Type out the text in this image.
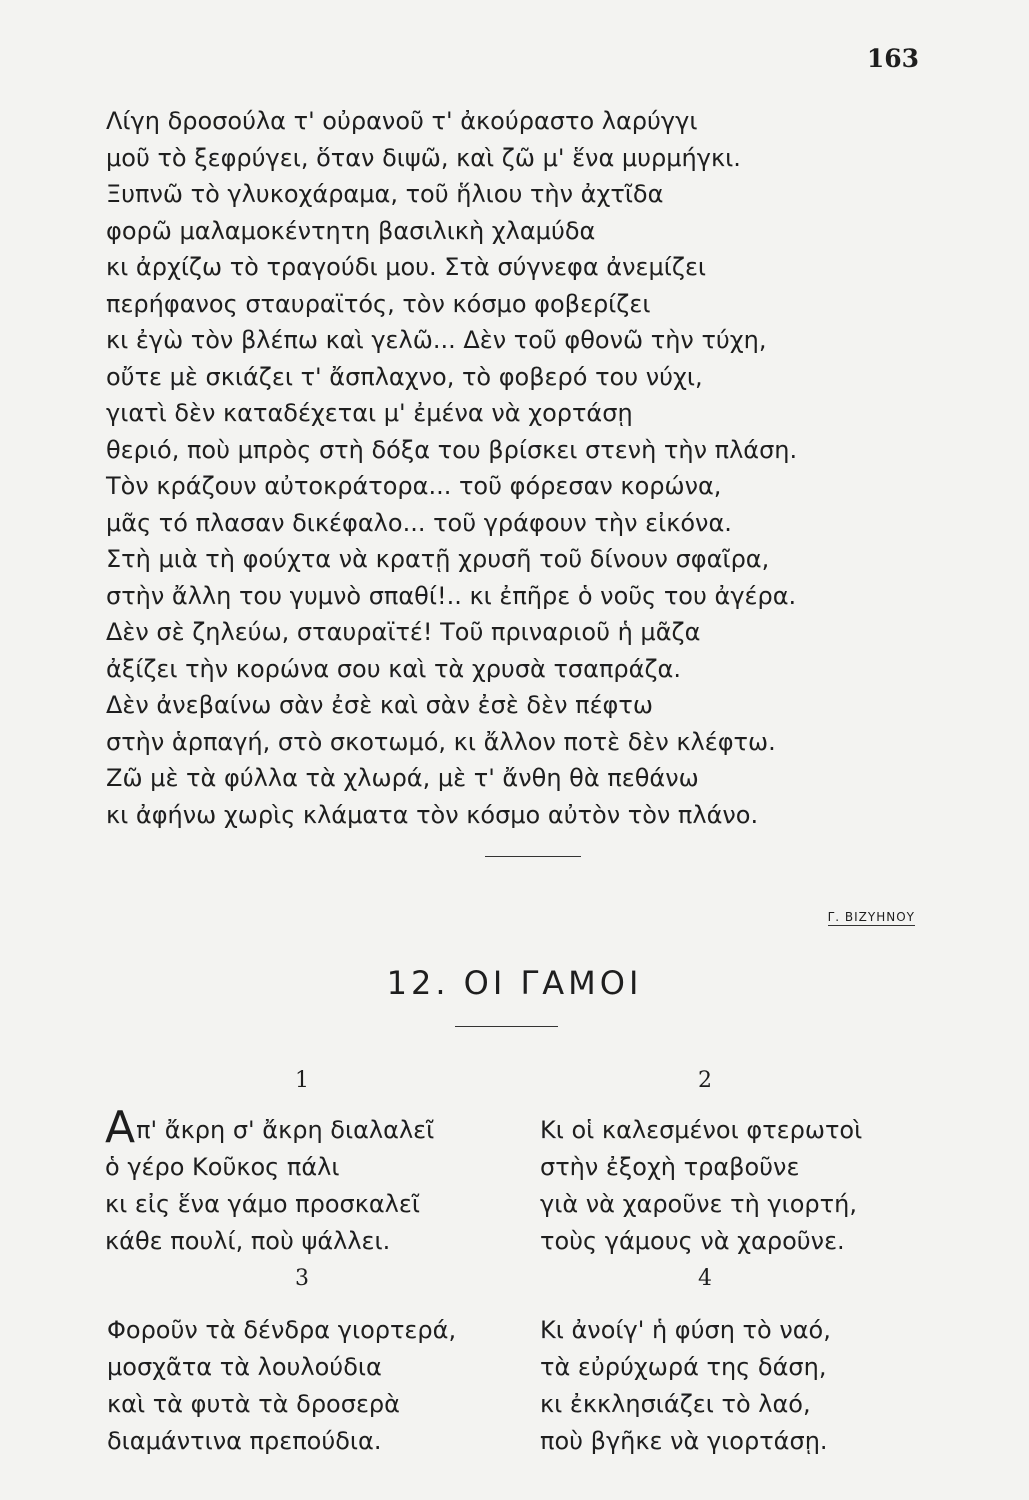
163
Λίγη δροσούλα τ' οὐρανοῦ τ' ἀκούραστο λαρύγγι
μοῦ τὸ ξεφρύγει, ὅταν διψῶ, καὶ ζῶ μ' ἕνα μυρμήγκι.
Ξυπνῶ τὸ γλυκοχάραμα, τοῦ ἥλιου τὴν ἀχτῖδα
φορῶ μαλαμοκέντητη βασιλικὴ χλαμύδα
κι ἀρχίζω τὸ τραγούδι μου. Στὰ σύγνεφα ἀνεμίζει
περήφανος σταυραϊτός, τὸν κόσμο φοβερίζει
κι ἐγὼ τὸν βλέπω καὶ γελῶ... Δὲν τοῦ φθονῶ τὴν τύχη,
οὔτε μὲ σκιάζει τ' ἄσπλαχνο, τὸ φοβερό του νύχι,
γιατὶ δὲν καταδέχεται μ' ἐμένα νὰ χορτάσῃ
θεριό, ποὺ μπρὸς στὴ δόξα του βρίσκει στενὴ τὴν πλάση.
Τὸν κράζουν αὐτοκράτορα... τοῦ φόρεσαν κορώνα,
μᾶς τό πλασαν δικέφαλο... τοῦ γράφουν τὴν εἰκόνα.
Στὴ μιὰ τὴ φούχτα νὰ κρατῇ χρυσῆ τοῦ δίνουν σφαῖρα,
στὴν ἄλλη του γυμνὸ σπαθί!.. κι ἐπῆρε ὁ νοῦς του ἀγέρα.
Δὲν σὲ ζηλεύω, σταυραϊτέ! Τοῦ πριναριοῦ ἡ μᾶζα
ἀξίζει τὴν κορώνα σου καὶ τὰ χρυσὰ τσαπράζα.
Δὲν ἀνεβαίνω σὰν ἐσὲ καὶ σὰν ἐσὲ δὲν πέφτω
στὴν ἁρπαγή, στὸ σκοτωμό, κι ἄλλον ποτὲ δὲν κλέφτω.
Ζῶ μὲ τὰ φύλλα τὰ χλωρά, μὲ τ' ἄνθη θὰ πεθάνω
κι ἀφήνω χωρὶς κλάματα τὸν κόσμο αὐτὸν τὸν πλάνο.
Γ. ΒΙΖΥΗΝΟΥ
12. ΟΙ ΓΑΜΟΙ
1
Απ' ἄκρη σ' ἄκρη διαλαλεῖ
ὁ γέρο Κοῦκος πάλι
κι εἰς ἕνα γάμο προσκαλεῖ
κάθε πουλί, ποὺ ψάλλει.
2
Κι οἱ καλεσμένοι φτερωτοὶ
στὴν ἐξοχὴ τραβοῦνε
γιὰ νὰ χαροῦνε τὴ γιορτή,
τοὺς γάμους νὰ χαροῦνε.
3
Φοροῦν τὰ δένδρα γιορτερά,
μοσχᾶτα τὰ λουλούδια
καὶ τὰ φυτὰ τὰ δροσερὰ
διαμάντινα πρεπούδια.
4
Κι ἀνοίγ' ἡ φύση τὸ ναό,
τὰ εὐρύχωρά της δάση,
κι ἐκκλησιάζει τὸ λαό,
ποὺ βγῆκε νὰ γιορτάσῃ.
